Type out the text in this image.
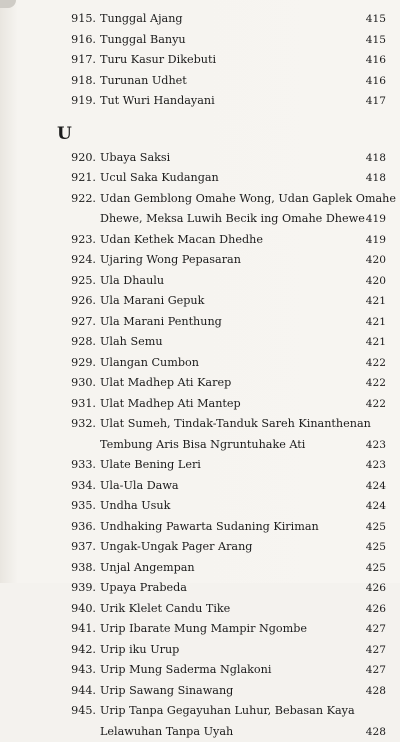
U
915. Tunggal Ajang	415
916. Tunggal Banyu	415
917. Turu Kasur Dikebuti	416
918. Turunan Udhet	416
919. Tut Wuri Handayani	417
920. Ubaya Saksi	418
921. Ucul Saka Kudangan	418
922. Udan Gemblong Omahe Wong, Udan Gaplek Omahe
Dhewe, Meksa Luwih Becik ing Omahe Dhewe 419
923. Udan Kethek Macan Dhedhe	419
924. Ujaring Wong Pepasaran	420
925. Ula Dhaulu	420
926. Ula Marani Gepuk	421
927. Ula Marani Penthung	421
928. Ulah Semu	421
929. Ulangan Cumbon	422
930. Ulat Madhep Ati Karep	422
931. Ulat Madhep Ati Mantep	422
932. Ulat Sumeh, Tindak-Tanduk Sareh Kinanthenan
Tembung Aris Bisa Ngruntuhake Ati	423
933. Ulate Bening Leri	423
934. Ula-Ula Dawa	424
935. Undha Usuk	424
936. Undhaking Pawarta Sudaning Kiriman	425
937. Ungak-Ungak Pager Arang	425
938. Unjal Angempan	425
939. Upaya Prabeda	426
940. Urik Klelet Candu Tike	426
941. Urip Ibarate Mung Mampir Ngombe	427
942. Urip iku Urup	427
943. Urip Mung Saderma Nglakoni	427
944. Urip Sawang Sinawang	428
945. Urip Tanpa Gegayuhan Luhur, Bebasan Kaya
Lelawuhan Tanpa Uyah	428
